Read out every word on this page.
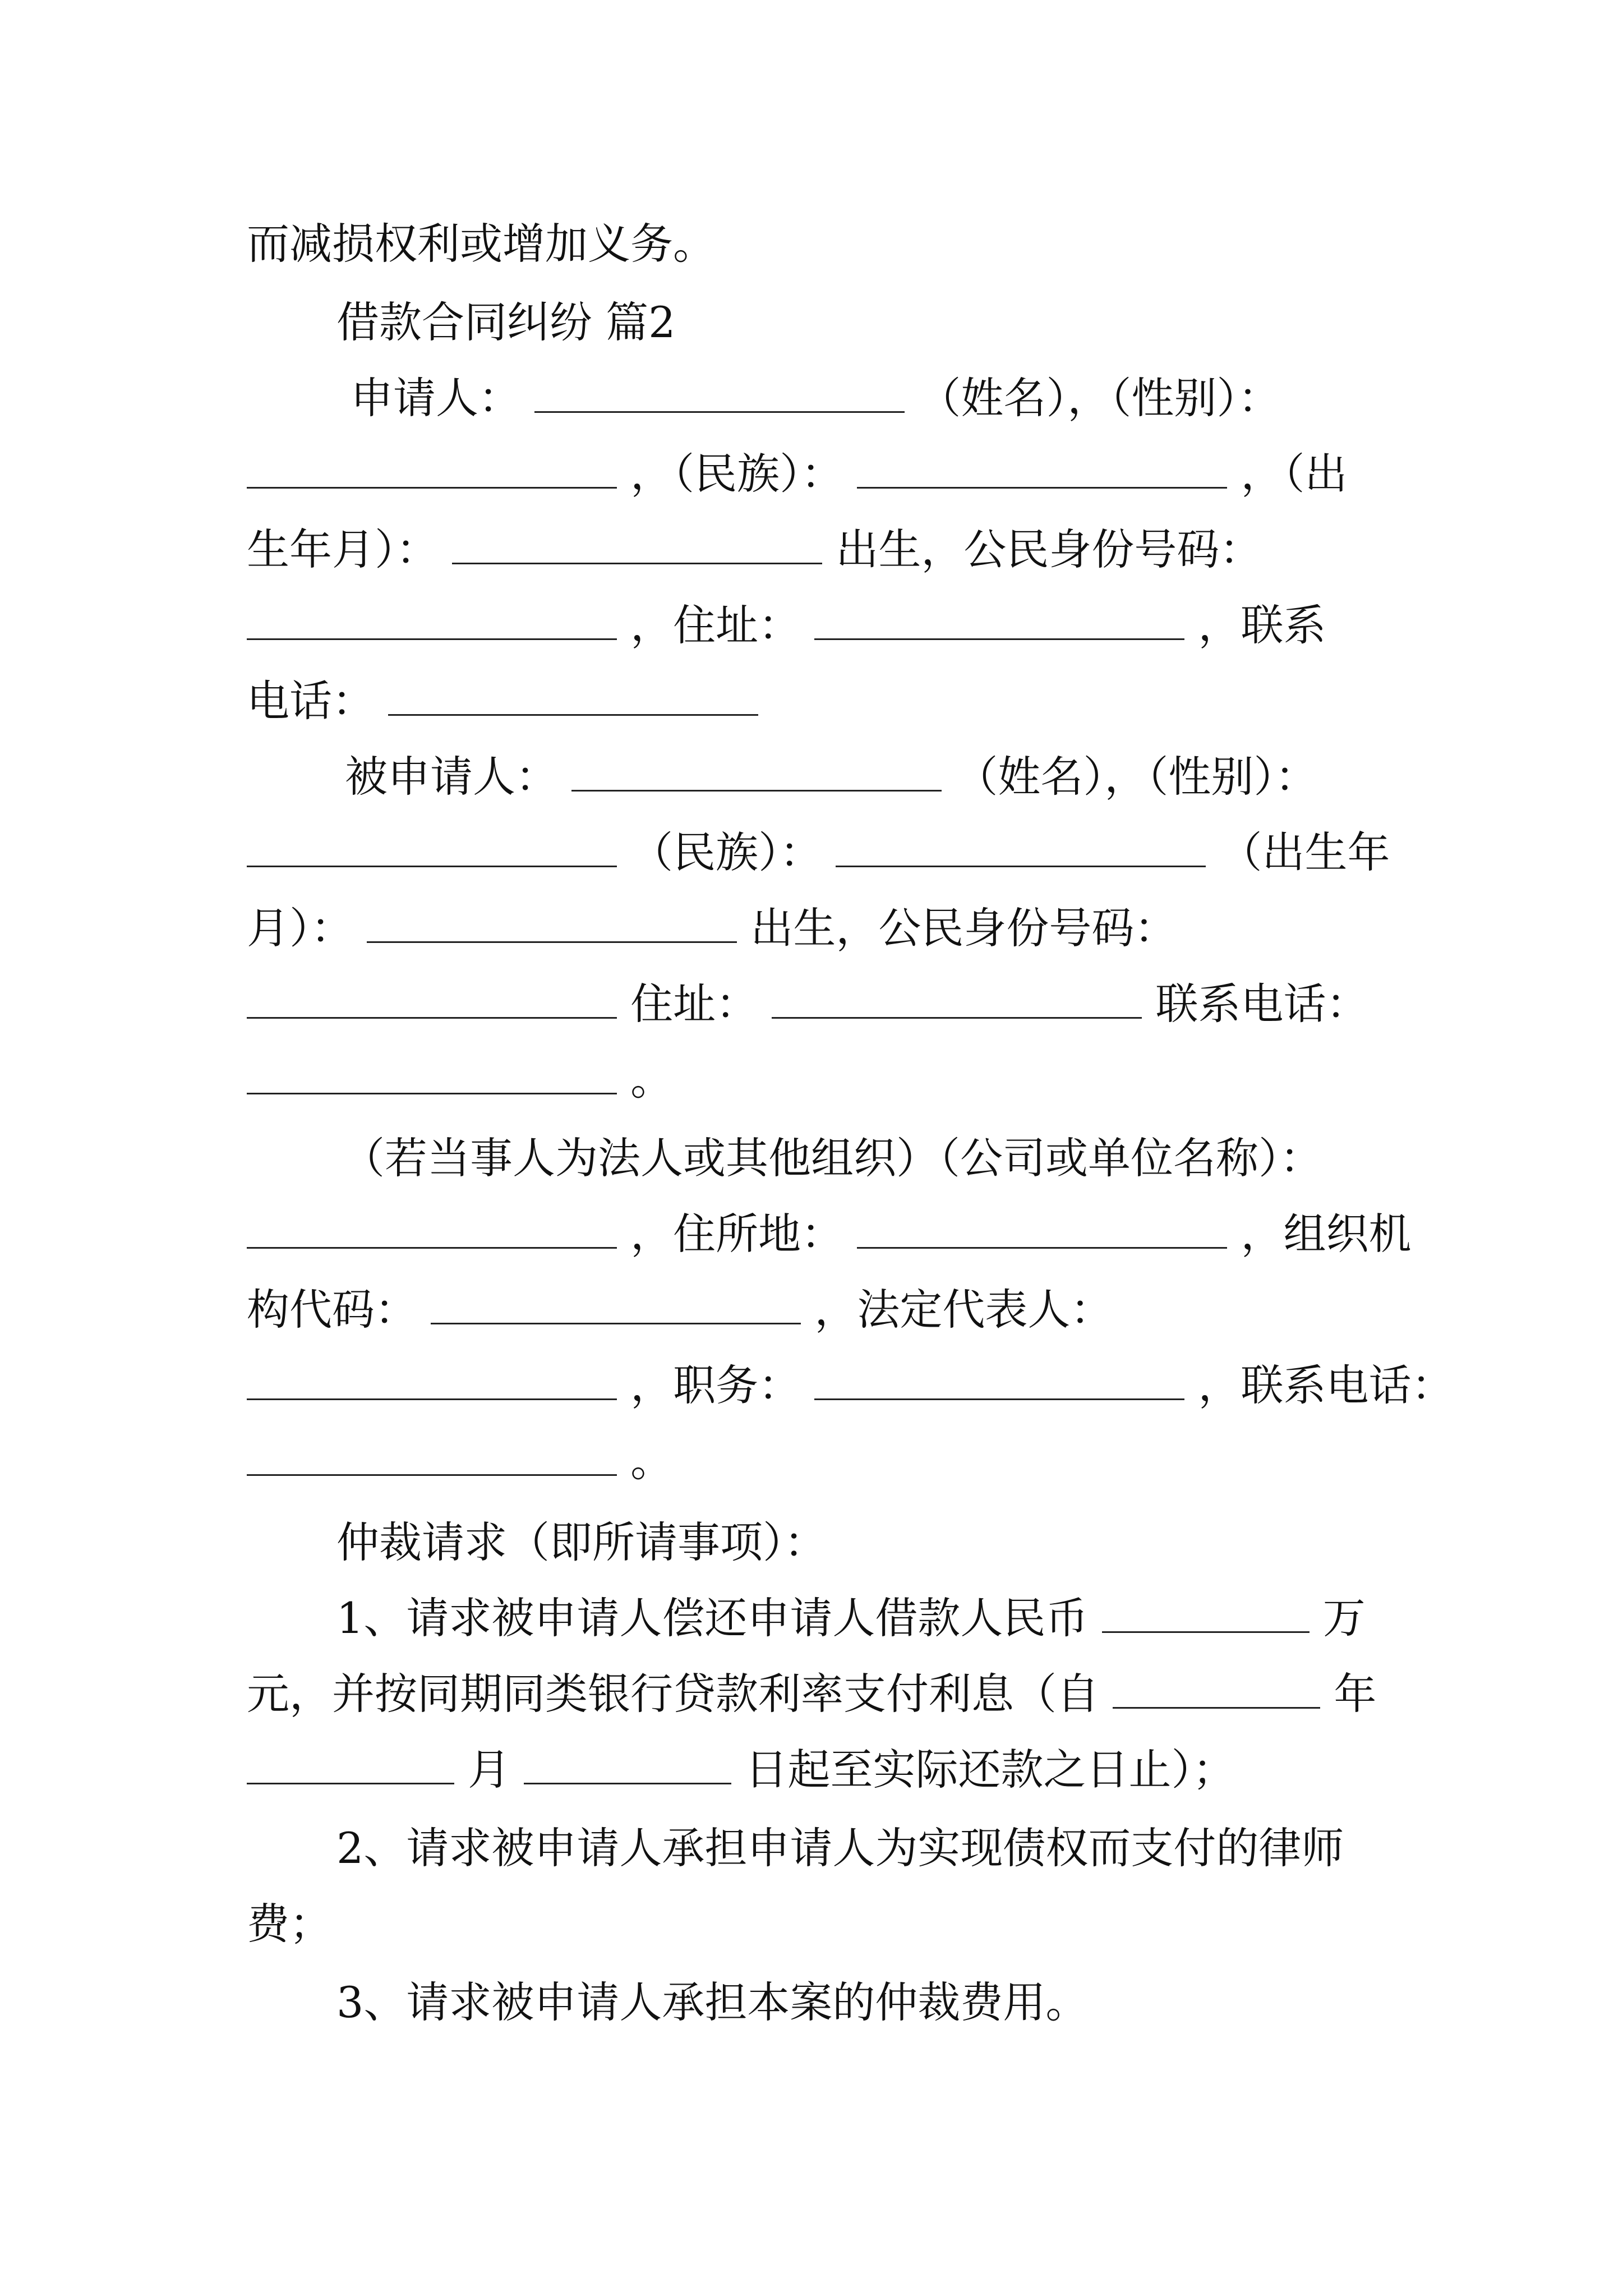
而减损权利或增加义务。
借款合同纠纷 篇2
申请人：	（姓名），（性别）：
，（民族）：	，（出
生年月）：	出生，公民身份号码：
，住址：	，联系
电话：
被申请人：	（姓名），（性别）：
（民族）：	（出生年
月）：	出生，公民身份号码：
住址：	联系电话：
。
（若当事人为法人或其他组织）（公司或单位名称）：
，住所地：	，组织机
构代码：	，法定代表人：
，职务：	，联系电话：
。
仲裁请求（即所请事项）：
1、请求被申请人偿还申请人借款人民币	万
元，并按同期同类银行贷款利率支付利息（自	年
月	日起至实际还款之日止）；
2、请求被申请人承担申请人为实现债权而支付的律师
费；
3、请求被申请人承担本案的仲裁费用。
